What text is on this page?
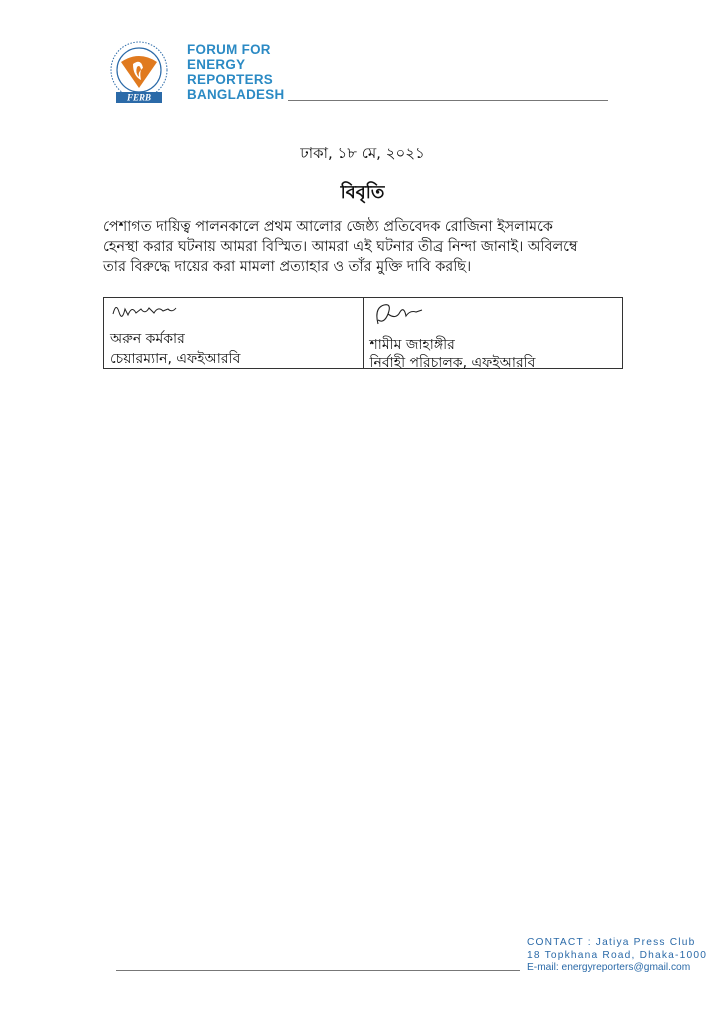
FERB
FORUM FOR
ENERGY
REPORTERS
BANGLADESH
ঢাকা, ১৮ মে, ২০২১
বিবৃতি
পেশাগত দায়িত্ব পালনকালে প্রথম আলোর জেষ্ঠ্য প্রতিবেদক রোজিনা ইসলামকে
হেনস্থা করার ঘটনায় আমরা বিস্মিত। আমরা এই ঘটনার তীব্র নিন্দা জানাই। অবিলম্বে
তার বিরুদ্ধে দায়ের করা মামলা প্রত্যাহার ও তাঁর মুক্তি দাবি করছি।
অরুন কর্মকার
চেয়ারম্যান, এফইআরবি
শামীম জাহাঙ্গীর
নির্বাহী পরিচালক, এফইআরবি
CONTACT : Jatiya Press Club
18 Topkhana Road, Dhaka-1000
E-mail: energyreporters@gmail.com
